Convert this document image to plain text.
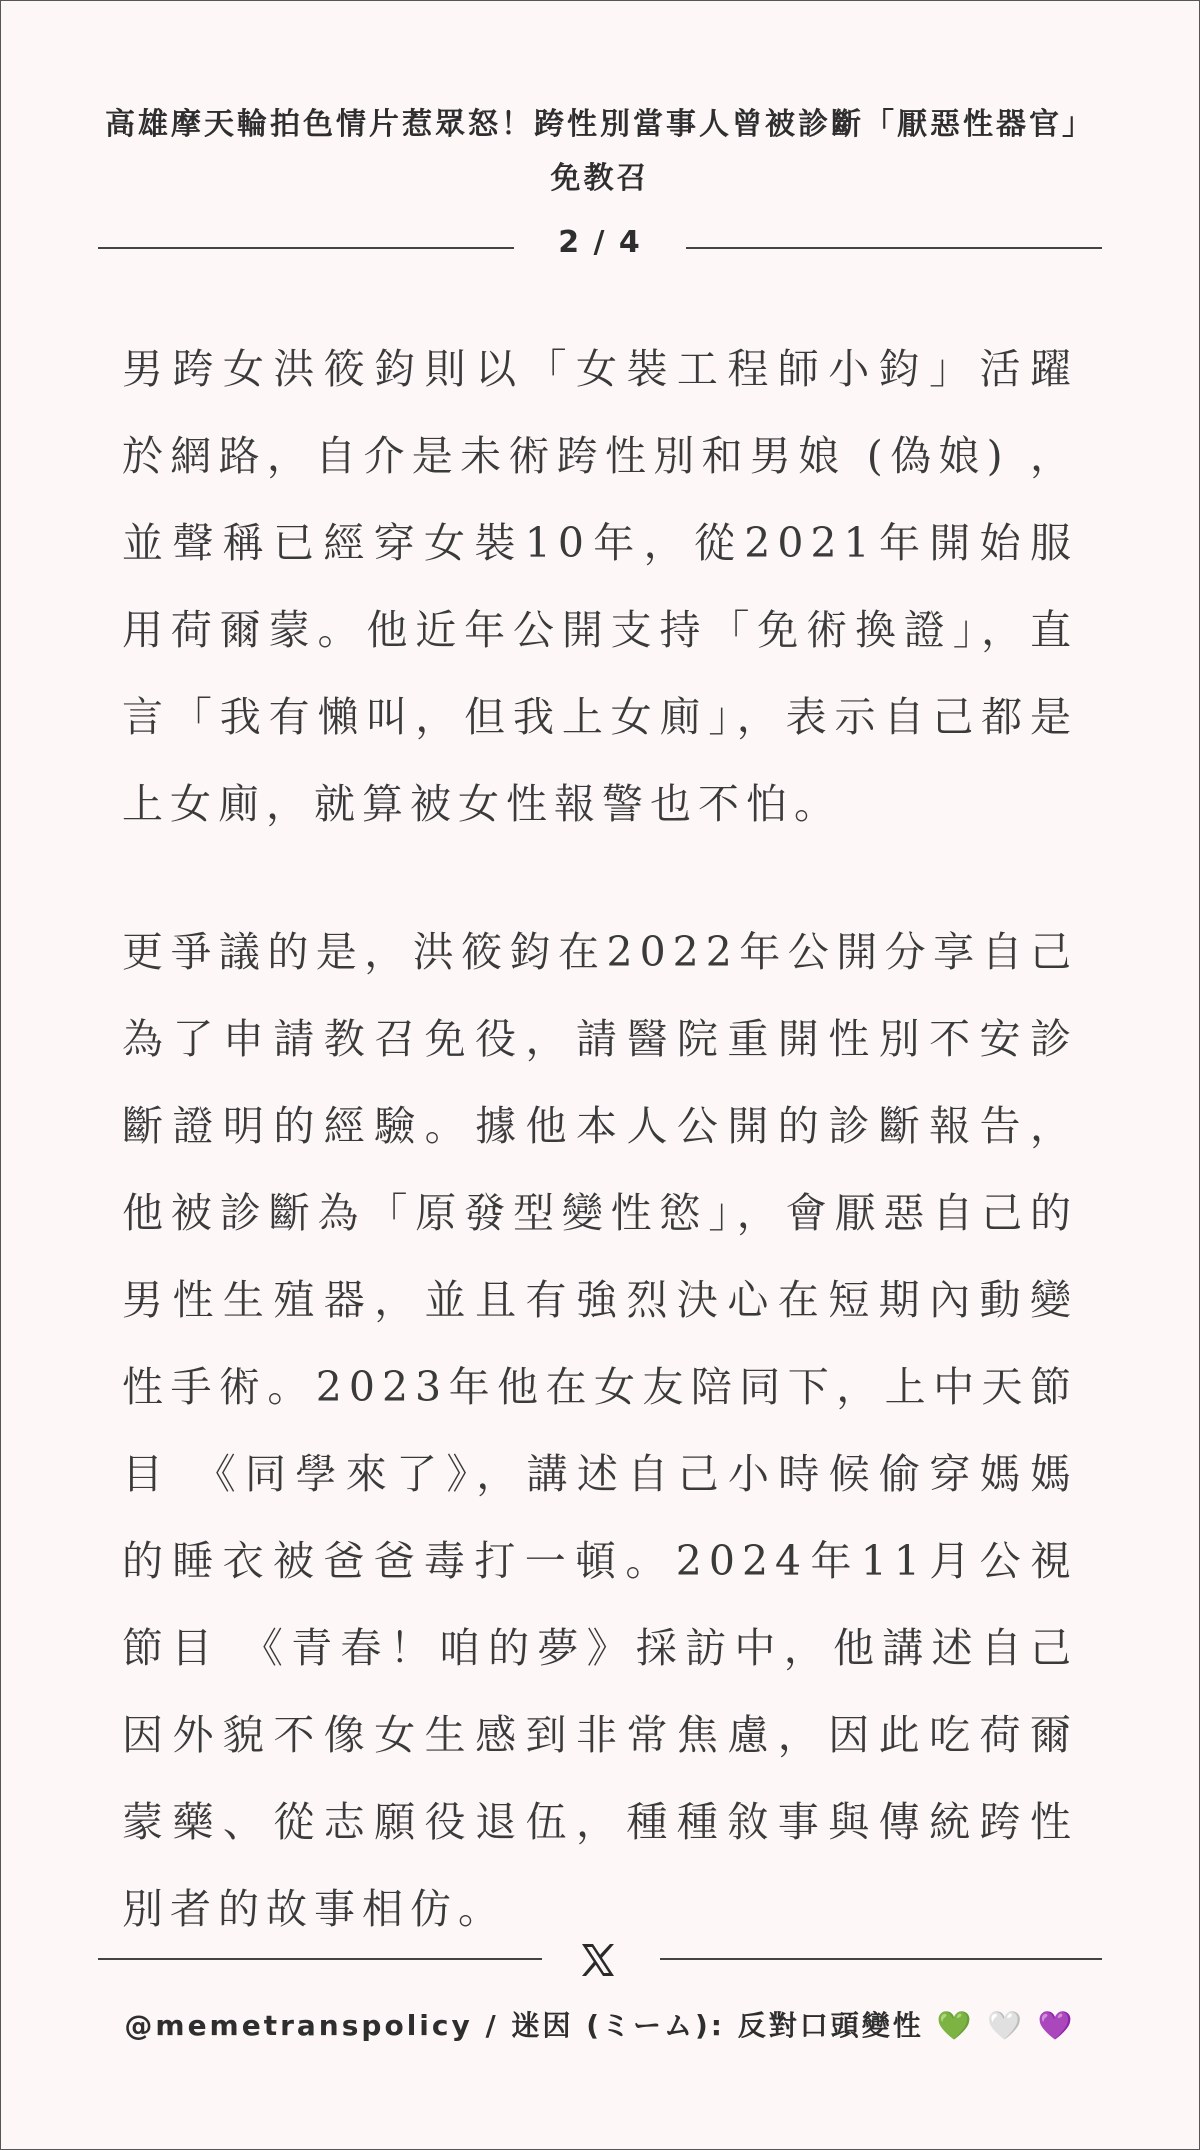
高雄摩天輪拍色情片惹眾怒！跨性別當事人曾被診斷「厭惡性器官」免教召
2 / 4

男跨女洪筱鈞則以「女裝工程師小鈞」活躍於網路，自介是未術跨性別和男娘 (偽娘) ，並聲稱已經穿女裝10年，從2021年開始服用荷爾蒙。他近年公開支持「免術換證」，直言「我有懶叫，但我上女廁」，表示自己都是上女廁，就算被女性報警也不怕。

更爭議的是，洪筱鈞在2022年公開分享自己為了申請教召免役，請醫院重開性別不安診斷證明的經驗。據他本人公開的診斷報告，他被診斷為「原發型變性慾」，會厭惡自己的男性生殖器，並且有強烈決心在短期內動變性手術。2023年他在女友陪同下，上中天節目 《同學來了》，講述自己小時候偷穿媽媽的睡衣被爸爸毒打一頓。2024年11月公視節目 《青春！咱的夢》採訪中，他講述自己因外貌不像女生感到非常焦慮，因此吃荷爾蒙藥、從志願役退伍，種種敘事與傳統跨性別者的故事相仿。

@memetranspolicy / 迷因 (ミーム): 反對口頭變性 💚 🤍 💜
